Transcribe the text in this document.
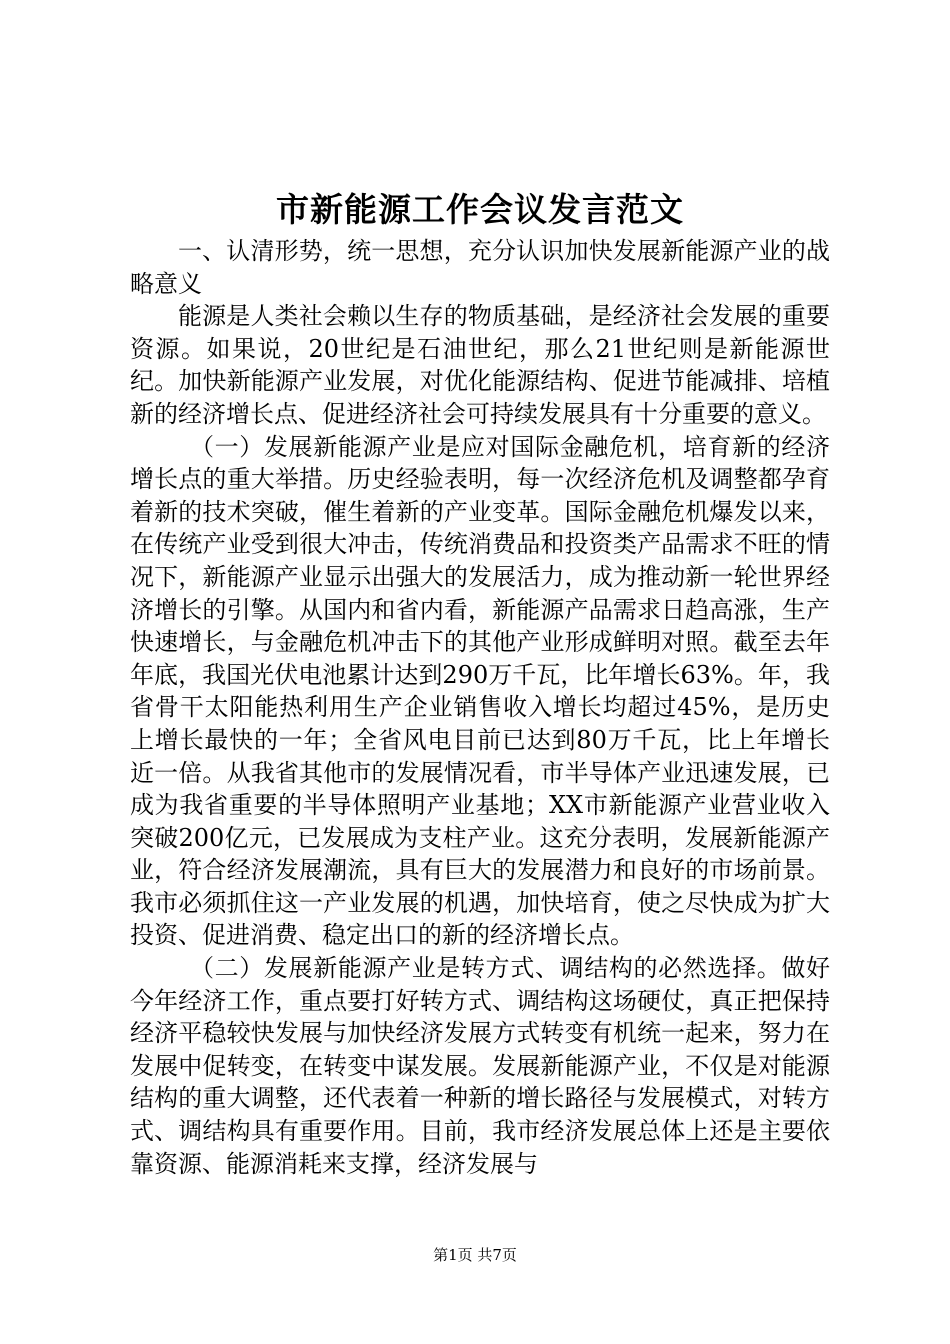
市新能源工作会议发言范文

一、认清形势，统一思想，充分认识加快发展新能源产业的战略意义

能源是人类社会赖以生存的物质基础，是经济社会发展的重要资源。如果说，20世纪是石油世纪，那么21世纪则是新能源世纪。加快新能源产业发展，对优化能源结构、促进节能减排、培植新的经济增长点、促进经济社会可持续发展具有十分重要的意义。

（一）发展新能源产业是应对国际金融危机，培育新的经济增长点的重大举措。历史经验表明，每一次经济危机及调整都孕育着新的技术突破，催生着新的产业变革。国际金融危机爆发以来，在传统产业受到很大冲击，传统消费品和投资类产品需求不旺的情况下，新能源产业显示出强大的发展活力，成为推动新一轮世界经济增长的引擎。从国内和省内看，新能源产品需求日趋高涨，生产快速增长，与金融危机冲击下的其他产业形成鲜明对照。截至去年年底，我国光伏电池累计达到290万千瓦，比年增长63%。年，我省骨干太阳能热利用生产企业销售收入增长均超过45%，是历史上增长最快的一年；全省风电目前已达到80万千瓦，比上年增长近一倍。从我省其他市的发展情况看，市半导体产业迅速发展，已成为我省重要的半导体照明产业基地；XX市新能源产业营业收入突破200亿元，已发展成为支柱产业。这充分表明，发展新能源产业，符合经济发展潮流，具有巨大的发展潜力和良好的市场前景。我市必须抓住这一产业发展的机遇，加快培育，使之尽快成为扩大投资、促进消费、稳定出口的新的经济增长点。

（二）发展新能源产业是转方式、调结构的必然选择。做好今年经济工作，重点要打好转方式、调结构这场硬仗，真正把保持经济平稳较快发展与加快经济发展方式转变有机统一起来，努力在发展中促转变，在转变中谋发展。发展新能源产业，不仅是对能源结构的重大调整，还代表着一种新的增长路径与发展模式，对转方式、调结构具有重要作用。目前，我市经济发展总体上还是主要依靠资源、能源消耗来支撑，经济发展与

第1页 共7页
